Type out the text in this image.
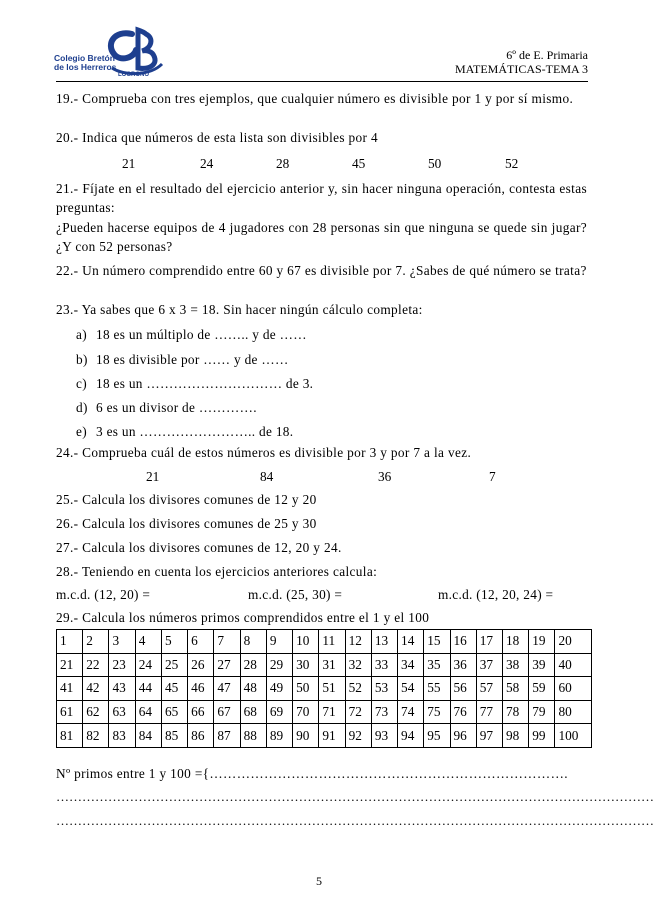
Colegio Bretón
de los Herreros
LOGROÑO
6º de E. Primaria
MATEMÁTICAS-TEMA 3
19.- Comprueba con tres ejemplos, que cualquier número es divisible por 1 y por sí mismo.
20.- Indica que números de esta lista son divisibles por 4
21	24	28	45	50	52
21.- Fíjate en el resultado del ejercicio anterior y, sin hacer ninguna operación, contesta estas preguntas:
¿Pueden hacerse equipos de 4 jugadores con 28 personas sin que ninguna se quede sin jugar? ¿Y con 52 personas?
22.- Un número comprendido entre 60 y 67 es divisible por 7. ¿Sabes de qué número se trata?
23.- Ya sabes que 6 x 3 = 18. Sin hacer ningún cálculo completa:
a) 18 es un múltiplo de …….. y de ……
b) 18 es divisible por …… y de ……
c) 18 es un ………………………… de 3.
d) 6 es un divisor de ………….
e) 3 es un …………………….. de 18.
24.- Comprueba cuál de estos números es divisible por 3 y por 7 a la vez.
21	84	36	7
25.- Calcula los divisores comunes de 12 y 20
26.- Calcula los divisores comunes de 25 y 30
27.- Calcula los divisores comunes de 12, 20 y 24.
28.- Teniendo en cuenta los ejercicios anteriores calcula:
m.c.d. (12, 20) =	m.c.d. (25, 30) =	m.c.d. (12, 20, 24) =
29.- Calcula los números primos comprendidos entre el 1 y el 100
1	2	3	4	5	6	7	8	9	10	11	12	13	14	15	16	17	18	19	20
21	22	23	24	25	26	27	28	29	30	31	32	33	34	35	36	37	38	39	40
41	42	43	44	45	46	47	48	49	50	51	52	53	54	55	56	57	58	59	60
61	62	63	64	65	66	67	68	69	70	71	72	73	74	75	76	77	78	79	80
81	82	83	84	85	86	87	88	89	90	91	92	93	94	95	96	97	98	99	100
Nº primos entre 1 y 100 ={…………………………………………………………………….
…………………………………………………………………………………………………………………………
…………………………………………………………………………………………………………………………
5
